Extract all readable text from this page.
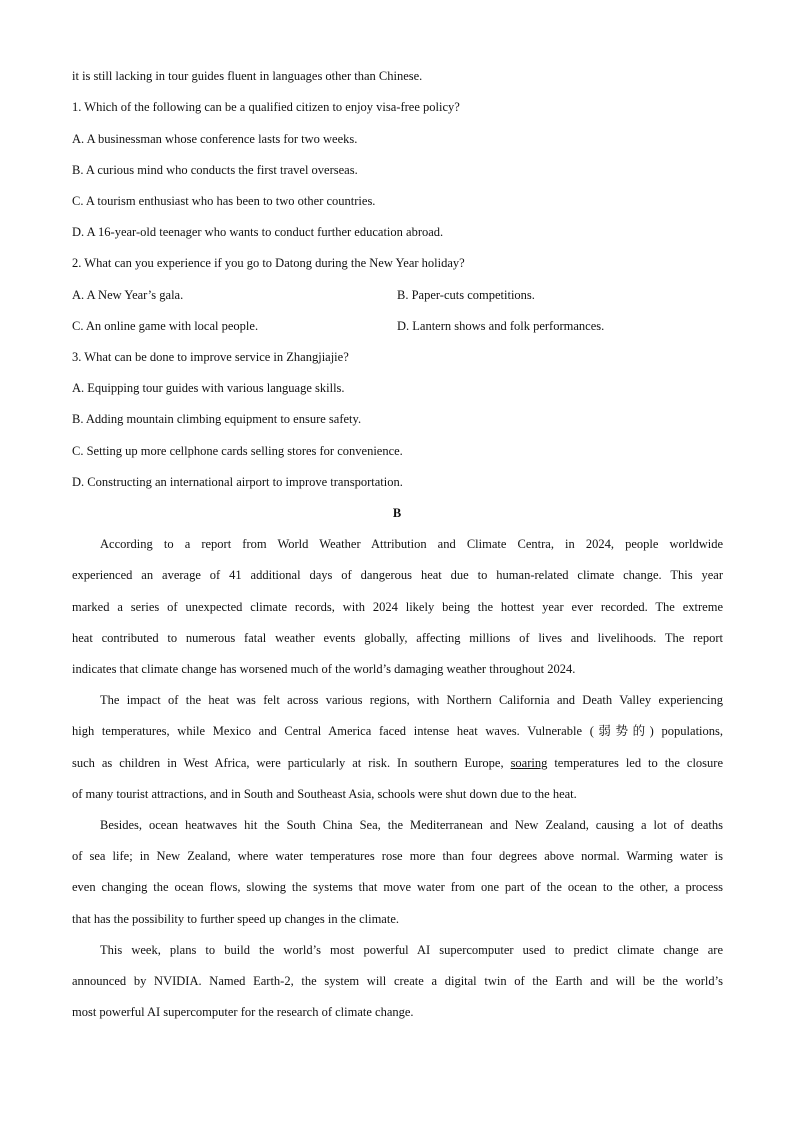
it is still lacking in tour guides fluent in languages other than Chinese.
1. Which of the following can be a qualified citizen to enjoy visa-free policy?
A. A businessman whose conference lasts for two weeks.
B. A curious mind who conducts the first travel overseas.
C. A tourism enthusiast who has been to two other countries.
D. A 16-year-old teenager who wants to conduct further education abroad.
2. What can you experience if you go to Datong during the New Year holiday?
A. A New Year’s gala.	B. Paper-cuts competitions.
C. An online game with local people.	D. Lantern shows and folk performances.
3. What can be done to improve service in Zhangjiajie?
A. Equipping tour guides with various language skills.
B. Adding mountain climbing equipment to ensure safety.
C. Setting up more cellphone cards selling stores for convenience.
D. Constructing an international airport to improve transportation.
B
According to a report from World Weather Attribution and Climate Centra, in 2024, people worldwide
experienced an average of 41 additional days of dangerous heat due to human-related climate change. This year
marked a series of unexpected climate records, with 2024 likely being the hottest year ever recorded. The extreme
heat contributed to numerous fatal weather events globally, affecting millions of lives and livelihoods. The report
indicates that climate change has worsened much of the world’s damaging weather throughout 2024.
The impact of the heat was felt across various regions, with Northern California and Death Valley experiencing
high temperatures, while Mexico and Central America faced intense heat waves. Vulnerable (弱势的) populations,
such as children in West Africa, were particularly at risk. In southern Europe, soaring temperatures led to the closure
of many tourist attractions, and in South and Southeast Asia, schools were shut down due to the heat.
Besides, ocean heatwaves hit the South China Sea, the Mediterranean and New Zealand, causing a lot of deaths
of sea life; in New Zealand, where water temperatures rose more than four degrees above normal. Warming water is
even changing the ocean flows, slowing the systems that move water from one part of the ocean to the other, a process
that has the possibility to further speed up changes in the climate.
This week, plans to build the world’s most powerful AI supercomputer used to predict climate change are
announced by NVIDIA. Named Earth-2, the system will create a digital twin of the Earth and will be the world’s
most powerful AI supercomputer for the research of climate change.
